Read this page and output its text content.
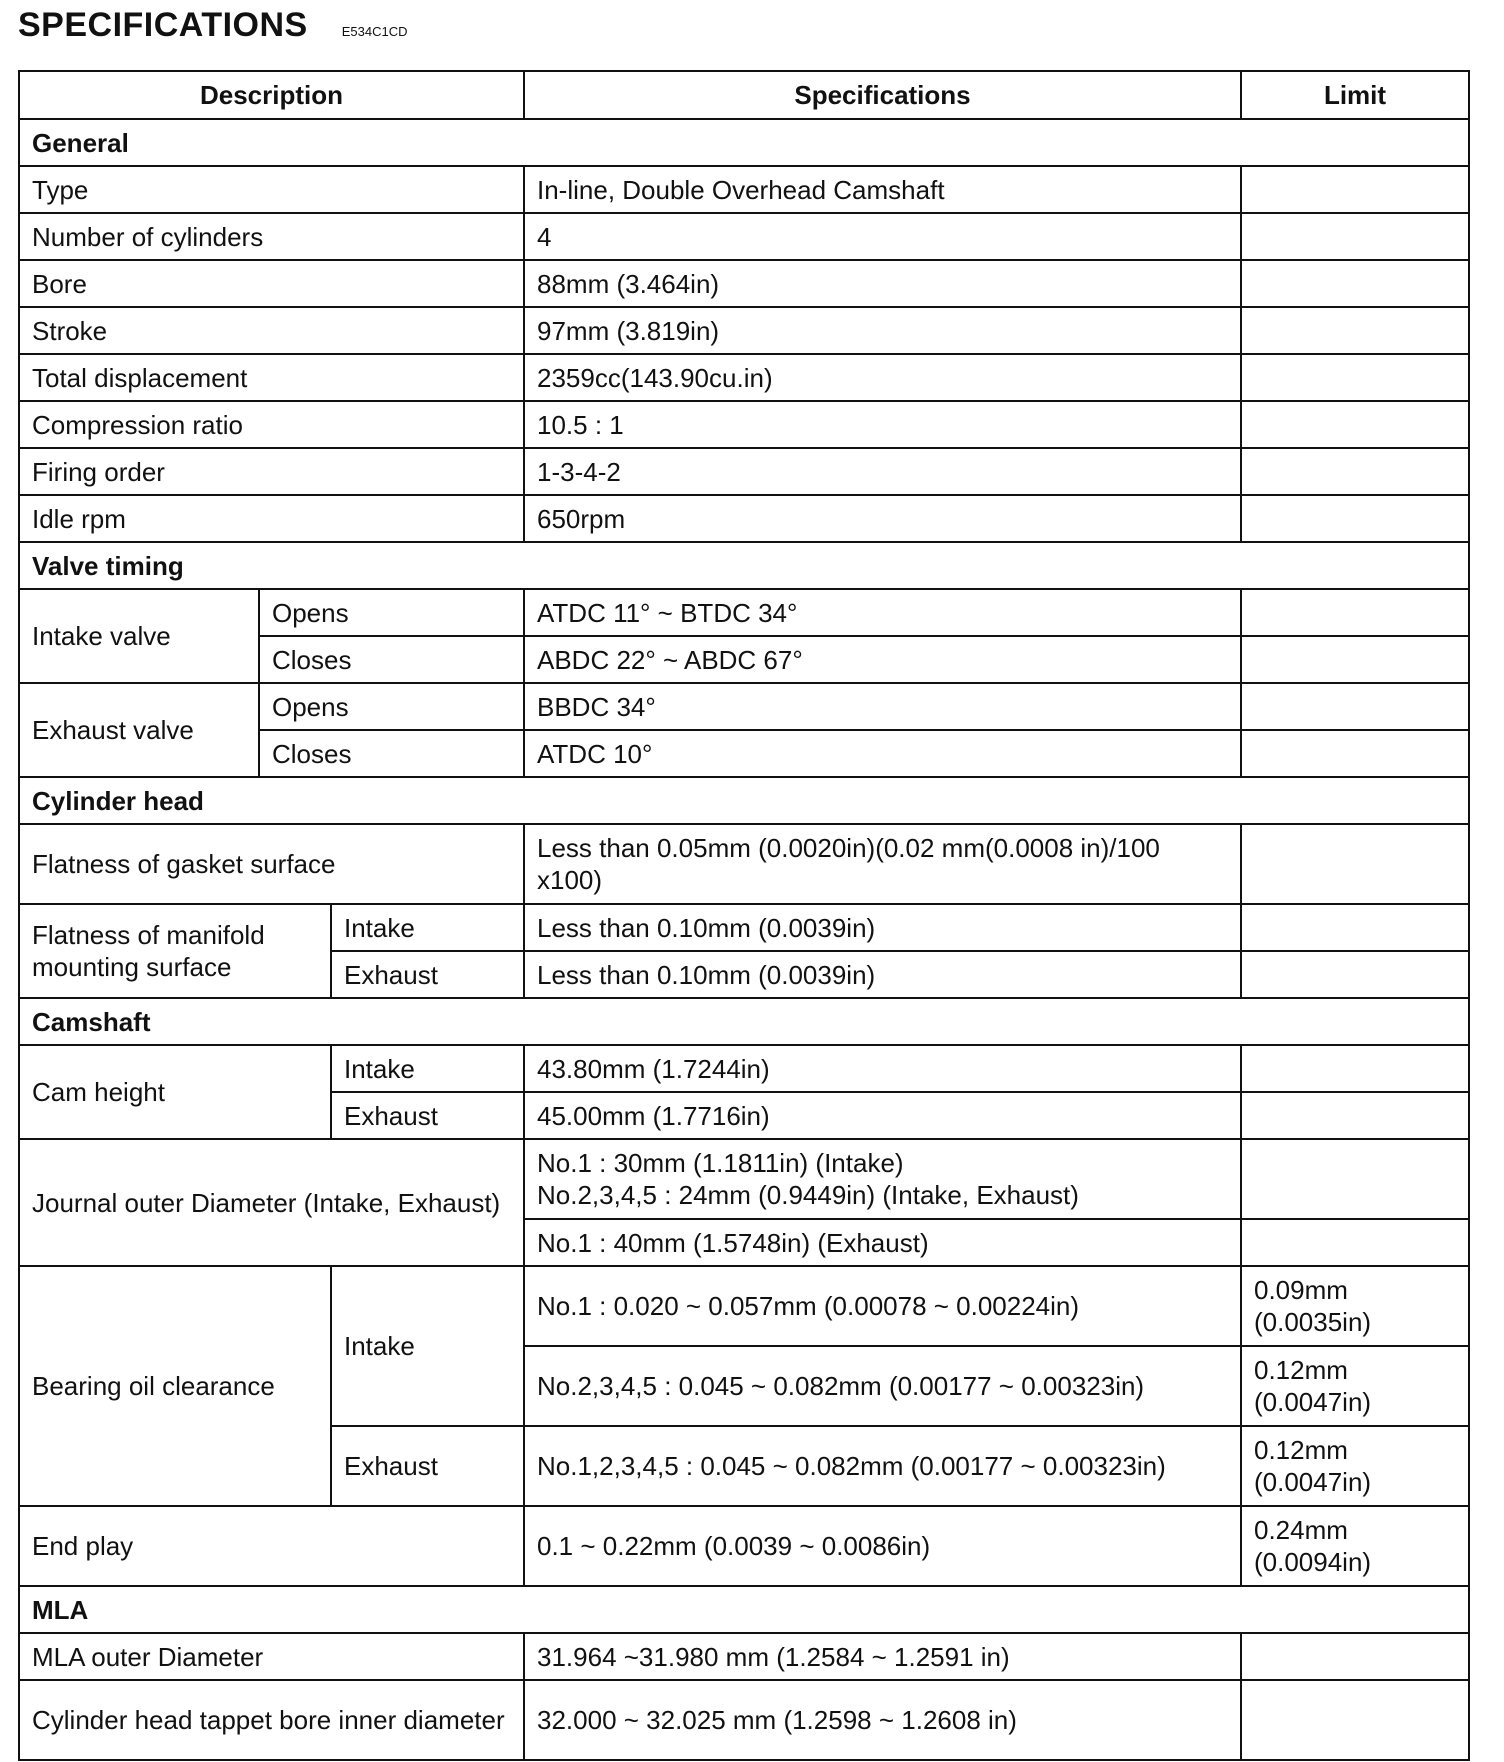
SPECIFICATIONS	E534C1CD
Description			Specifications	Limit
General				
Type			In-line, Double Overhead Camshaft	
Number of cylinders			4	
Bore			88mm (3.464in)	
Stroke			97mm (3.819in)	
Total displacement			2359cc(143.90cu.in)	
Compression ratio			10.5 : 1	
Firing order			1-3-4-2	
Idle rpm			650rpm	
Valve timing				
Intake valve	Opens		ATDC 11° ~ BTDC 34°	
	Closes		ABDC 22° ~ ABDC 67°	
Exhaust valve	Opens		BBDC 34°	
	Closes		ATDC 10°	
Cylinder head				
Flatness of gasket surface			Less than 0.05mm (0.0020in)(0.02 mm(0.0008 in)/100 x100)	
Flatness of manifold mounting surface		Intake	Less than 0.10mm (0.0039in)	
		Exhaust	Less than 0.10mm (0.0039in)	
Camshaft				
Cam height		Intake	43.80mm (1.7244in)	
		Exhaust	45.00mm (1.7716in)	
Journal outer Diameter (Intake, Exhaust)			No.1 : 30mm (1.1811in) (Intake)
No.2,3,4,5 : 24mm (0.9449in) (Intake, Exhaust)	

			No.1 : 40mm (1.5748in) (Exhaust)	
Bearing oil clearance		Intake	No.1 : 0.020 ~ 0.057mm (0.00078 ~ 0.00224in)	0.09mm
(0.0035in)

			No.2,3,4,5 : 0.045 ~ 0.082mm (0.00177 ~ 0.00323in)	0.12mm
(0.0047in)

		Exhaust	No.1,2,3,4,5 : 0.045 ~ 0.082mm (0.00177 ~ 0.00323in)	0.12mm
(0.0047in)

End play			0.1 ~ 0.22mm (0.0039 ~ 0.0086in)	0.24mm
(0.0094in)

MLA				
MLA outer Diameter			31.964 ~31.980 mm (1.2584 ~ 1.2591 in)	
Cylinder head tappet bore inner diameter			32.000 ~ 32.025 mm (1.2598 ~ 1.2608 in)	
